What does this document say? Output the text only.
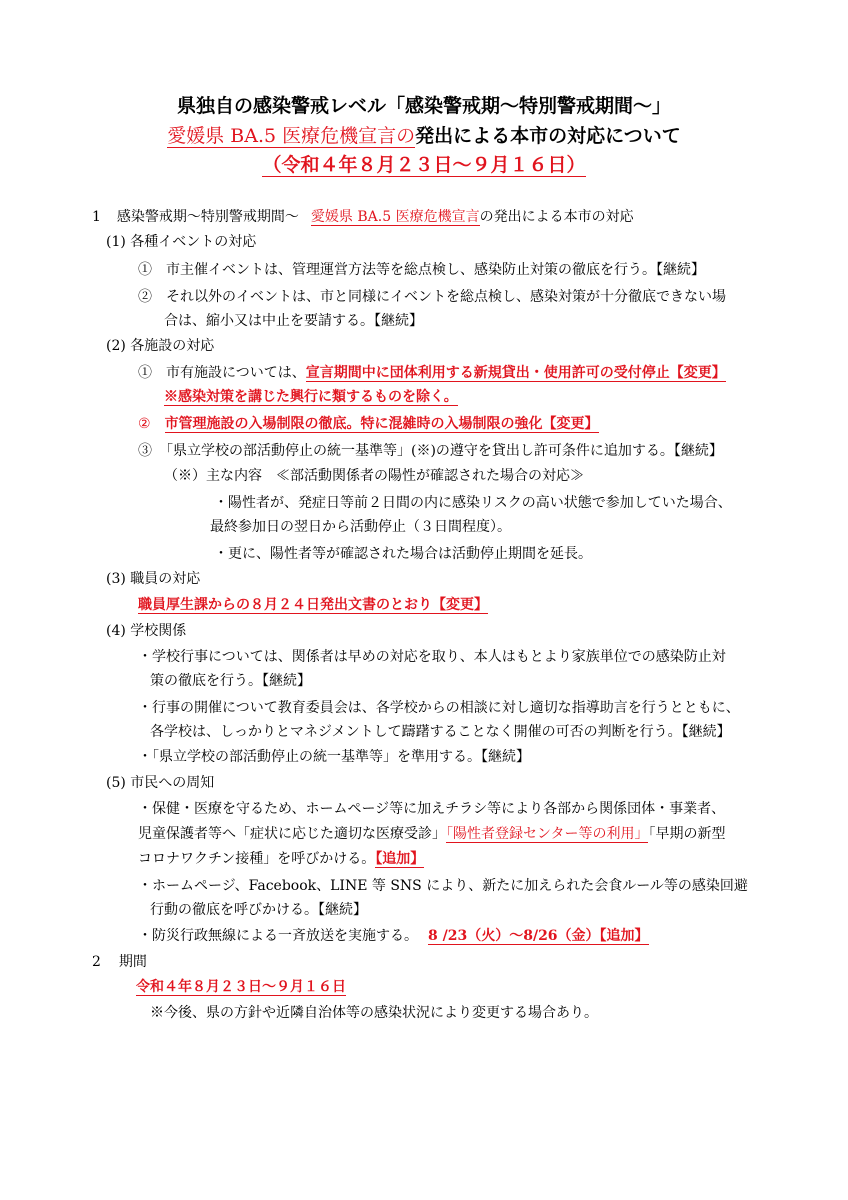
県独自の感染警戒レベル「感染警戒期～特別警戒期間～」
愛媛県 BA.5 医療危機宣言の発出による本市の対応について
（令和４年８月２３日～９月１６日）
1 感染警戒期～特別警戒期間～ 愛媛県 BA.5 医療危機宣言の発出による本市の対応
(1) 各種イベントの対応
①　 市主催イベントは、管理運営方法等を総点検し、感染防止対策の徹底を行う。【継続】
②　 それ以外のイベントは、市と同様にイベントを総点検し、感染対策が十分徹底できない場
合は、縮小又は中止を要請する。【継続】
(2) 各施設の対応
①　 市有施設については、宣言期間中に団体利用する新規貸出・使用許可の受付停止【変更】
※感染対策を講じた興行に類するものを除く。
②　 市管理施設の入場制限の徹底。特に混雑時の入場制限の強化【変更】
③　 「県立学校の部活動停止の統一基準等」(※)の遵守を貸出し許可条件に追加する。【継続】
（※）主な内容　≪部活動関係者の陽性が確認された場合の対応≫
・陽性者が、発症日等前２日間の内に感染リスクの高い状態で参加していた場合、
最終参加日の翌日から活動停止（３日間程度）。
・更に、陽性者等が確認された場合は活動停止期間を延長。
(3) 職員の対応
職員厚生課からの８月２４日発出文書のとおり【変更】
(4) 学校関係
・学校行事については、関係者は早めの対応を取り、本人はもとより家族単位での感染防止対
策の徹底を行う。【継続】
・行事の開催について教育委員会は、各学校からの相談に対し適切な指導助言を行うとともに、
各学校は、しっかりとマネジメントして躊躇することなく開催の可否の判断を行う。【継続】
・「県立学校の部活動停止の統一基準等」を準用する。【継続】
(5) 市民への周知
・保健・医療を守るため、ホームページ等に加えチラシ等により各部から関係団体・事業者、
児童保護者等へ「症状に応じた適切な医療受診」「陽性者登録センター等の利用」「早期の新型
コロナワクチン接種」を呼びかける。【追加】
・ホームページ、Facebook、LINE 等 SNS により、新たに加えられた会食ルール等の感染回避
行動の徹底を呼びかける。【継続】
・防災行政無線による一斉放送を実施する。 8 /23（火）～8/26（金）【追加】
2 期間
令和４年８月２３日～９月１６日
※今後、県の方針や近隣自治体等の感染状況により変更する場合あり。
